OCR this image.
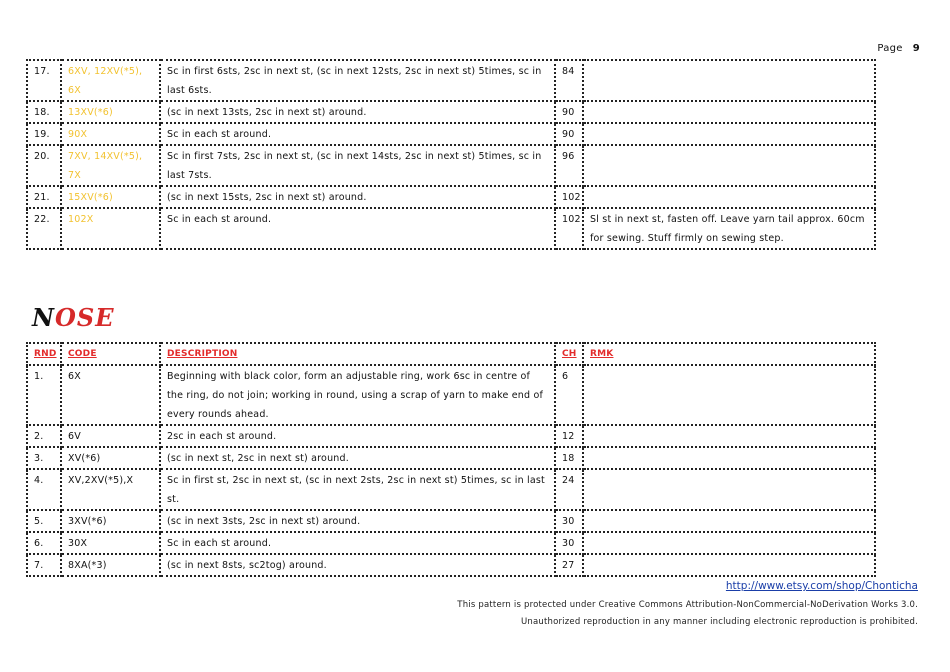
Page 9
17.	6XV, 12XV(*5), 6X	Sc in first 6sts, 2sc in next st, (sc in next 12sts, 2sc in next st) 5times, sc in last 6sts.	84	
18.	13XV(*6)	(sc in next 13sts, 2sc in next st) around.	90	
19.	90X	Sc in each st around.	90	
20.	7XV, 14XV(*5), 7X	Sc in first 7sts, 2sc in next st, (sc in next 14sts, 2sc in next st) 5times, sc in last 7sts.	96	
21.	15XV(*6)	(sc in next 15sts, 2sc in next st) around.	102	
22.	102X	Sc in each st around.	102	Sl st in next st, fasten off. Leave yarn tail approx. 60cm for sewing. Stuff firmly on sewing step.
NOSE
RND	CODE	DESCRIPTION	CH	RMK
1.	6X	Beginning with black color, form an adjustable ring, work 6sc in centre of the ring, do not join; working in round, using a scrap of yarn to make end of every rounds ahead.	6	
2.	6V	2sc in each st around.	12	
3.	XV(*6)	(sc in next st, 2sc in next st) around.	18	
4.	XV,2XV(*5),X	Sc in first st, 2sc in next st, (sc in next 2sts, 2sc in next st) 5times, sc in last st.	24	
5.	3XV(*6)	(sc in next 3sts, 2sc in next st) around.	30	
6.	30X	Sc in each st around.	30	
7.	8XA(*3)	(sc in next 8sts, sc2tog) around.	27	
http://www.etsy.com/shop/Chonticha
This pattern is protected under Creative Commons Attribution-NonCommercial-NoDerivation Works 3.0.
Unauthorized reproduction in any manner including electronic reproduction is prohibited.
